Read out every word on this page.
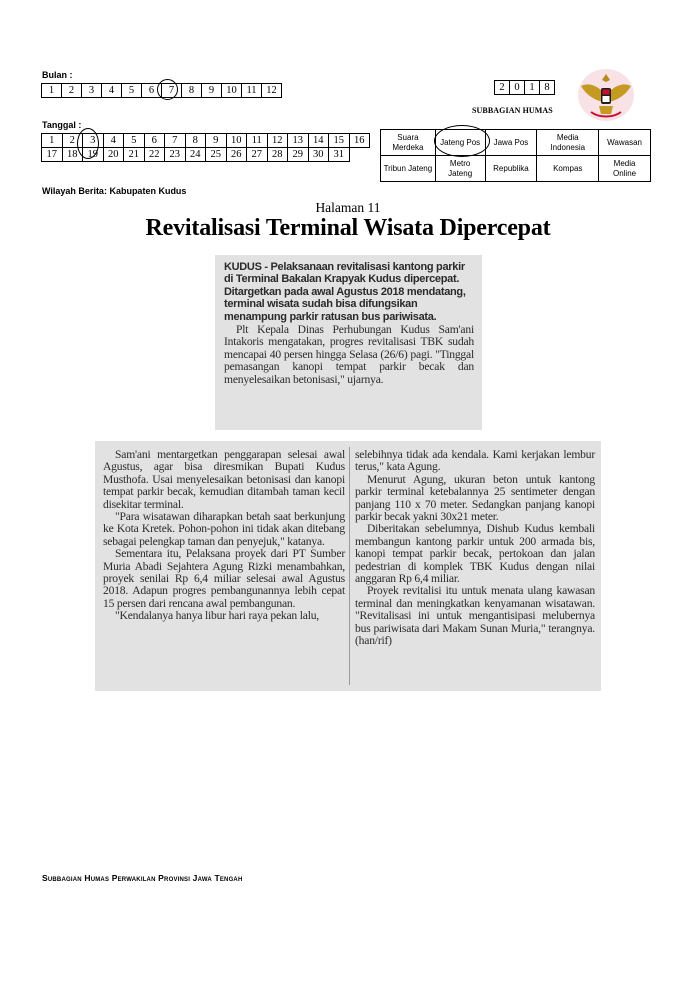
Bulan :
1	2	3	4	5	6	7	8	9	10	11	12
Tanggal :
1	2	3	4	5	6	7	8	9	10	11	12	13	14	15	16
17	18	19	20	21	22	23	24	25	26	27	28	29	30	31	
Wilayah Berita: Kabupaten Kudus
2	0	1	8
SUBBAGIAN HUMAS
Suara Merdeka	Jateng Pos	Jawa Pos	Media Indonesia	Wawasan
Tribun Jateng	Metro Jateng	Republika	Kompas	Media Online
Halaman 11
Revitalisasi Terminal Wisata Dipercepat
KUDUS - Pelaksanaan revitalisasi kantong parkir di Terminal Bakalan Krapyak Kudus dipercepat. Ditargetkan pada awal Agustus 2018 mendatang, terminal wisata sudah bisa difungsikan menampung parkir ratusan bus pariwisata.

Plt Kepala Dinas Perhubungan Kudus Sam'ani Intakoris mengatakan, progres revitalisasi TBK sudah mencapai 40 persen hingga Selasa (26/6) pagi. "Tinggal pemasangan kanopi tempat parkir becak dan menyelesaikan betonisasi," ujarnya.

Sam'ani mentargetkan penggarapan selesai awal Agustus, agar bisa diresmikan Bupati Kudus Musthofa. Usai menyelesaikan betonisasi dan kanopi tempat parkir becak, kemudian ditambah taman kecil disekitar terminal.

"Para wisatawan diharapkan betah saat berkunjung ke Kota Kretek. Pohon-pohon ini tidak akan ditebang sebagai pelengkap taman dan penyejuk," katanya.

Sementara itu, Pelaksana proyek dari PT Sumber Muria Abadi Sejahtera Agung Rizki menambahkan, proyek senilai Rp 6,4 miliar selesai awal Agustus 2018. Adapun progres pembangunannya lebih cepat 15 persen dari rencana awal pembangunan.

"Kendalanya hanya libur hari raya pekan lalu,

selebihnya tidak ada kendala. Kami kerjakan lembur terus," kata Agung.

Menurut Agung, ukuran beton untuk kantong parkir terminal ketebalannya 25 sentimeter dengan panjang 110 x 70 meter. Sedangkan panjang kanopi parkir becak yakni 30x21 meter.

Diberitakan sebelumnya, Dishub Kudus kembali membangun kantong parkir untuk 200 armada bis, kanopi tempat parkir becak, pertokoan dan jalan pedestrian di komplek TBK Kudus dengan nilai anggaran Rp 6,4 miliar.

Proyek revitalisi itu untuk menata ulang kawasan terminal dan meningkatkan kenyamanan wisatawan. "Revitalisasi ini untuk mengantisipasi melubernya bus pariwisata dari Makam Sunan Muria," terangnya. (han/rif)

Subbagian Humas Perwakilan Provinsi Jawa Tengah
